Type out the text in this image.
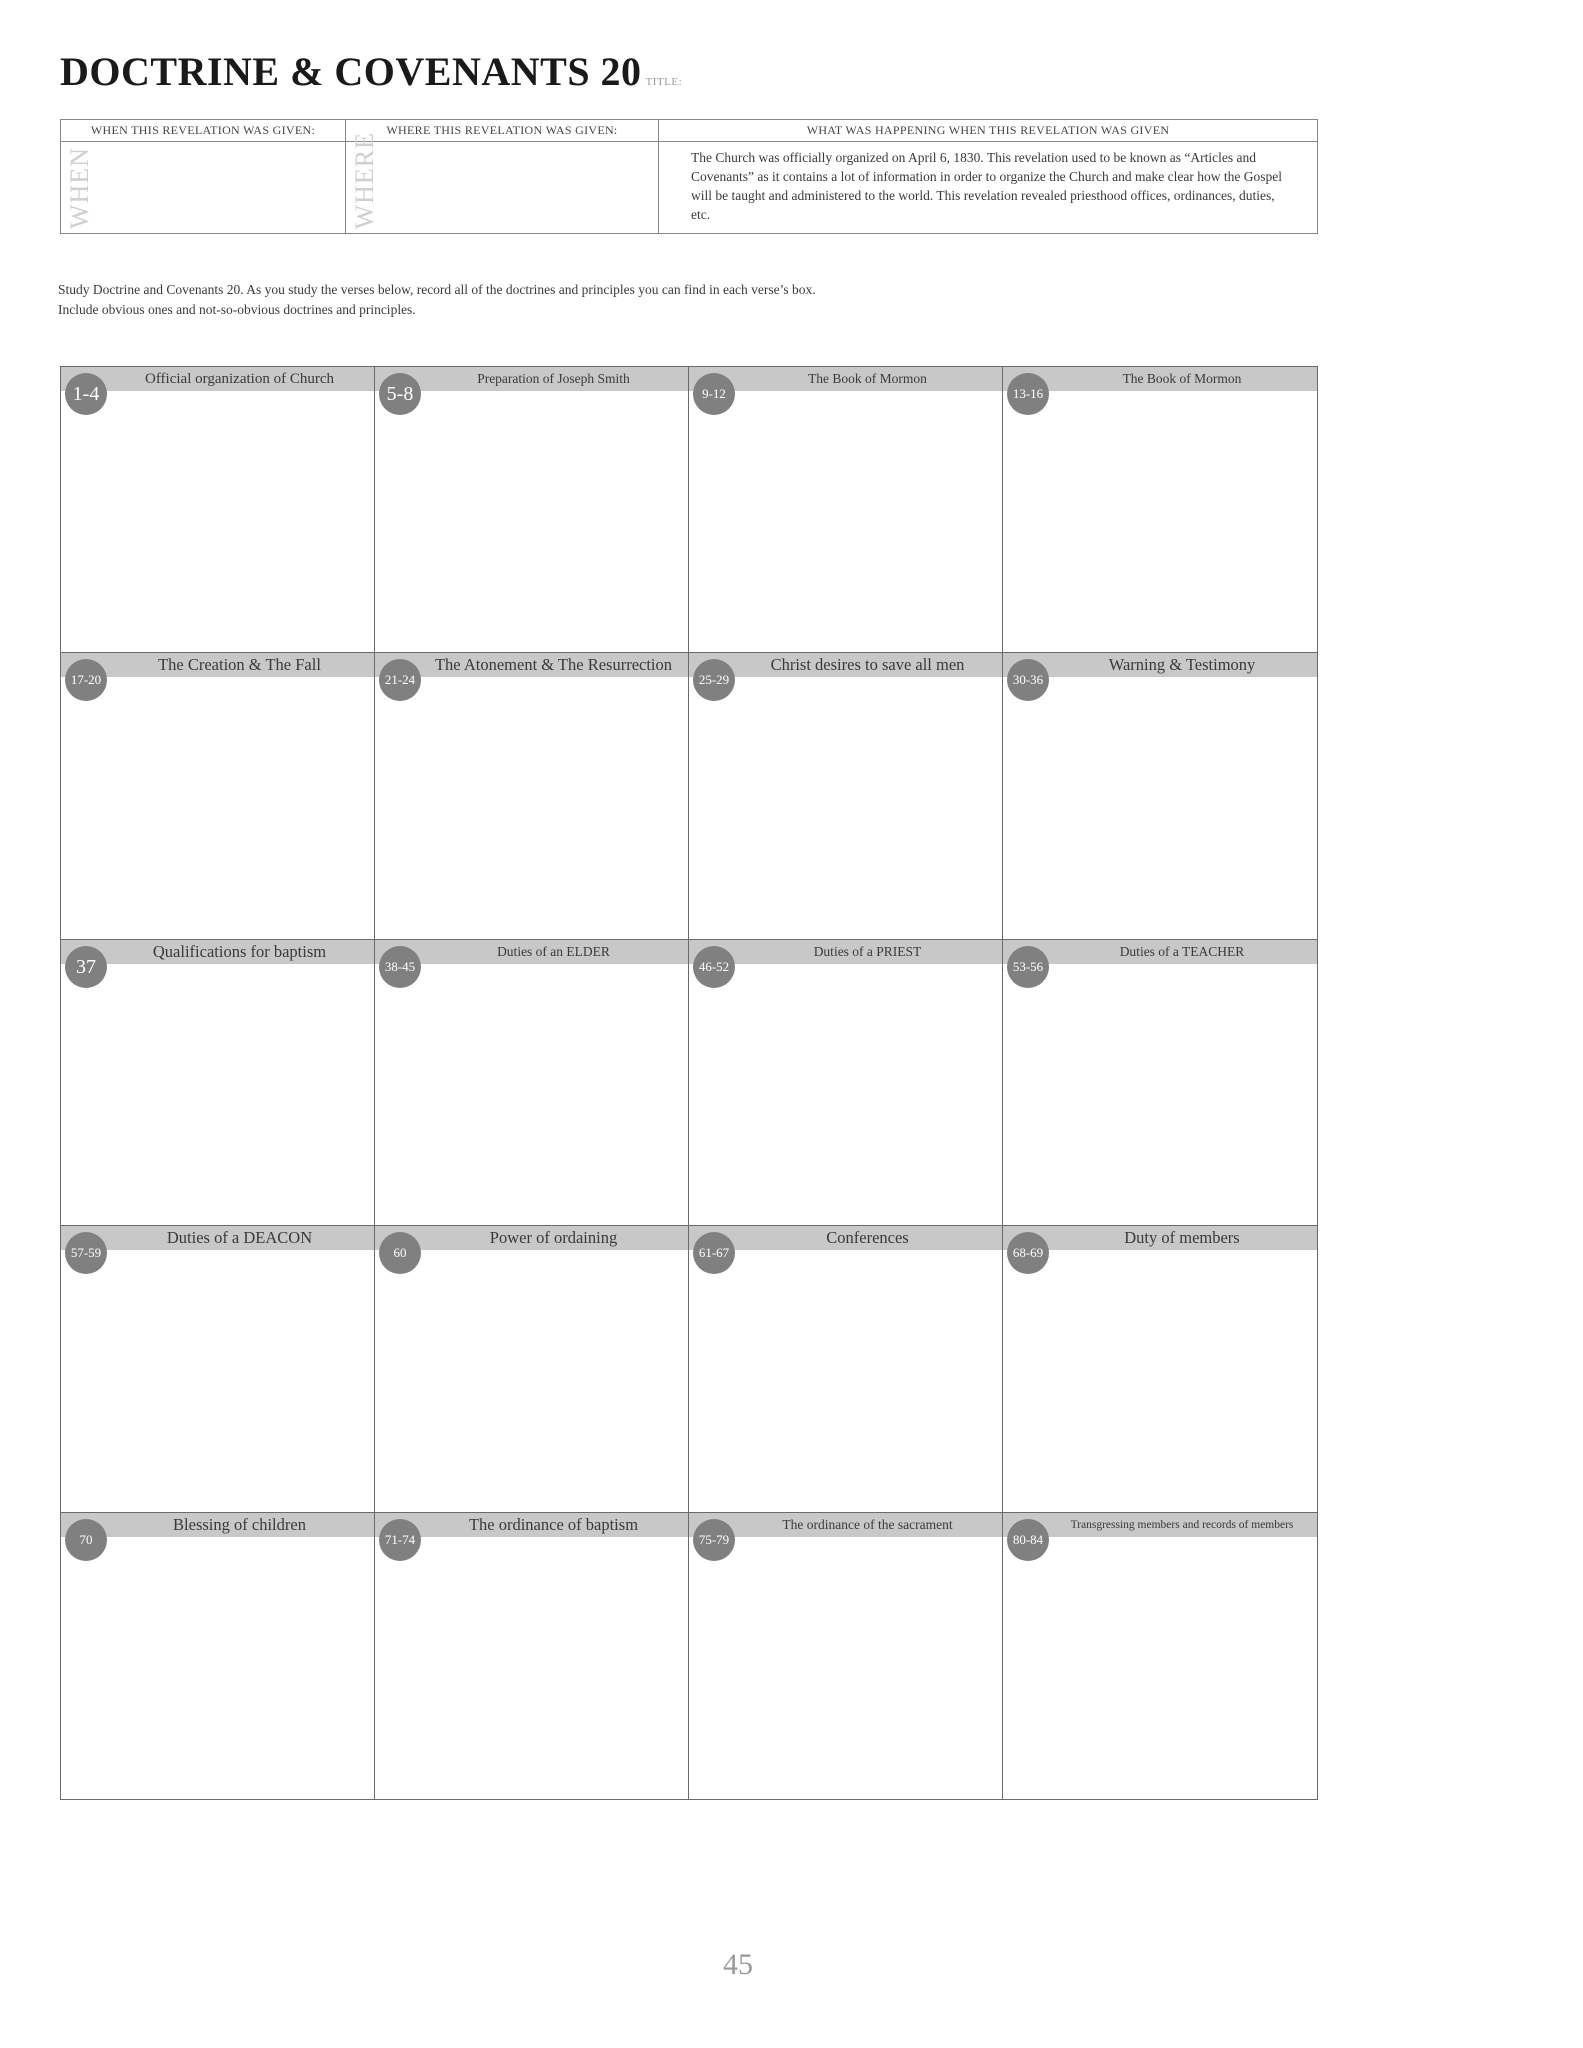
DOCTRINE & COVENANTS 20 TITLE:
WHEN THIS REVELATION WAS GIVEN:
WHEN
WHERE THIS REVELATION WAS GIVEN:
WHERE
WHAT WAS HAPPENING WHEN THIS REVELATION WAS GIVEN
The Church was officially organized on April 6, 1830. This revelation used to be known as “Articles and Covenants” as it contains a lot of information in order to organize the Church and make clear how the Gospel will be taught and administered to the world. This revelation revealed priesthood offices, ordinances, duties, etc.
Study Doctrine and Covenants 20. As you study the verses below, record all of the doctrines and principles you can find in each verse’s box.
Include obvious ones and not-so-obvious doctrines and principles.
Official organization of Church
1-4
Preparation of Joseph Smith
5-8
The Book of Mormon
9-12
The Book of Mormon
13-16
The Creation & The Fall
17-20
The Atonement & The Resurrection
21-24
Christ desires to save all men
25-29
Warning & Testimony
30-36
Qualifications for baptism
37
Duties of an ELDER
38-45
Duties of a PRIEST
46-52
Duties of a TEACHER
53-56
Duties of a DEACON
57-59
Power of ordaining
60
Conferences
61-67
Duty of members
68-69
Blessing of children
70
The ordinance of baptism
71-74
The ordinance of the sacrament
75-79
Transgressing members and records of members
80-84
45
